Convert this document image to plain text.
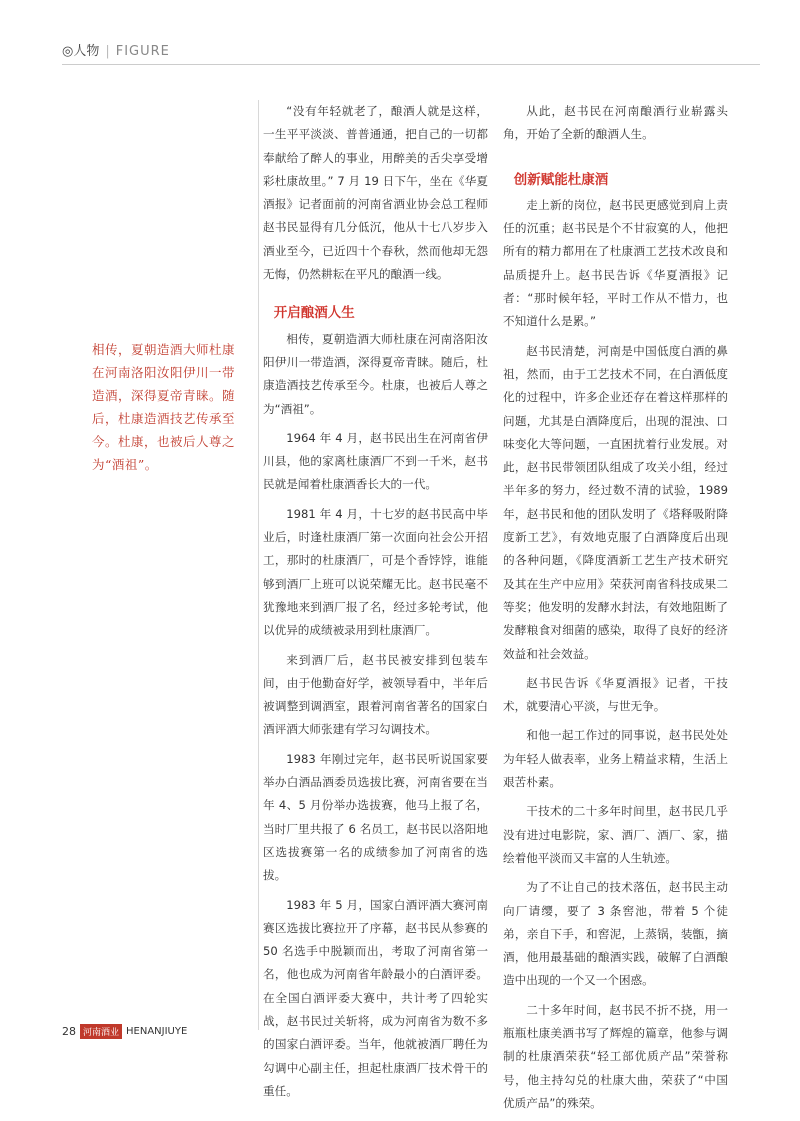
◎人物 | FIGURE
相传，夏朝造酒大师杜康在河南洛阳汝阳伊川一带造酒，深得夏帝青睐。随后，杜康造酒技艺传承至今。杜康，也被后人尊之为“酒祖”。

“没有年轻就老了，酿酒人就是这样，一生平平淡淡、普普通通，把自己的一切都奉献给了醉人的事业，用醉美的舌尖享受增彩杜康故里。” 7 月 19 日下午，坐在《华夏酒报》记者面前的河南省酒业协会总工程师赵书民显得有几分低沉，他从十七八岁步入酒业至今，已近四十个春秋，然而他却无怨无悔，仍然耕耘在平凡的酿酒一线。

开启酿酒人生

相传，夏朝造酒大师杜康在河南洛阳汝阳伊川一带造酒，深得夏帝青睐。随后，杜康造酒技艺传承至今。杜康，也被后人尊之为“酒祖”。

1964 年 4 月，赵书民出生在河南省伊川县，他的家离杜康酒厂不到一千米，赵书民就是闻着杜康酒香长大的一代。

1981 年 4 月，十七岁的赵书民高中毕业后，时逢杜康酒厂第一次面向社会公开招工，那时的杜康酒厂，可是个香饽饽，谁能够到酒厂上班可以说荣耀无比。赵书民毫不犹豫地来到酒厂报了名，经过多轮考试，他以优异的成绩被录用到杜康酒厂。

来到酒厂后，赵书民被安排到包装车间，由于他勤奋好学，被领导看中，半年后被调整到调酒室，跟着河南省著名的国家白酒评酒大师张建有学习勾调技术。

1983 年刚过完年，赵书民听说国家要举办白酒品酒委员选拔比赛，河南省要在当年 4、5 月份举办选拔赛，他马上报了名，当时厂里共报了 6 名员工，赵书民以洛阳地区选拔赛第一名的成绩参加了河南省的选拔。

1983 年 5 月，国家白酒评酒大赛河南赛区选拔比赛拉开了序幕，赵书民从参赛的 50 名选手中脱颖而出，考取了河南省第一名，他也成为河南省年龄最小的白酒评委。在全国白酒评委大赛中，共计考了四轮实战，赵书民过关斩将，成为河南省为数不多的国家白酒评委。当年，他就被酒厂聘任为勾调中心副主任，担起杜康酒厂技术骨干的重任。

从此，赵书民在河南酿酒行业崭露头角，开始了全新的酿酒人生。

创新赋能杜康酒

走上新的岗位，赵书民更感觉到肩上责任的沉重；赵书民是个不甘寂寞的人，他把所有的精力都用在了杜康酒工艺技术改良和品质提升上。赵书民告诉《华夏酒报》记者：“那时候年轻，平时工作从不惜力，也不知道什么是累。”

赵书民清楚，河南是中国低度白酒的鼻祖，然而，由于工艺技术不同，在白酒低度化的过程中，许多企业还存在着这样那样的问题，尤其是白酒降度后，出现的混浊、口味变化大等问题，一直困扰着行业发展。对此，赵书民带领团队组成了攻关小组，经过半年多的努力，经过数不清的试验，1989 年，赵书民和他的团队发明了《塔释吸附降度新工艺》，有效地克服了白酒降度后出现的各种问题，《降度酒新工艺生产技术研究及其在生产中应用》荣获河南省科技成果二等奖；他发明的发酵水封法，有效地阻断了发酵粮食对细菌的感染，取得了良好的经济效益和社会效益。

赵书民告诉《华夏酒报》记者，干技术，就要清心平淡，与世无争。

和他一起工作过的同事说，赵书民处处为年轻人做表率，业务上精益求精，生活上艰苦朴素。

干技术的二十多年时间里，赵书民几乎没有进过电影院，家、酒厂、酒厂、家，描绘着他平淡而又丰富的人生轨迹。

为了不让自己的技术落伍，赵书民主动向厂请缨，要了 3 条窖池，带着 5 个徒弟，亲自下手，和窖泥，上蒸锅，装甑，摘酒，他用最基础的酿酒实践，破解了白酒酿造中出现的一个又一个困惑。

二十多年时间，赵书民不折不挠，用一瓶瓶杜康美酒书写了辉煌的篇章，他参与调制的杜康酒荣获“轻工部优质产品”荣誉称号，他主持勾兑的杜康大曲，荣获了“中国优质产品”的殊荣。

28 河南酒业 HENANJIUYE
